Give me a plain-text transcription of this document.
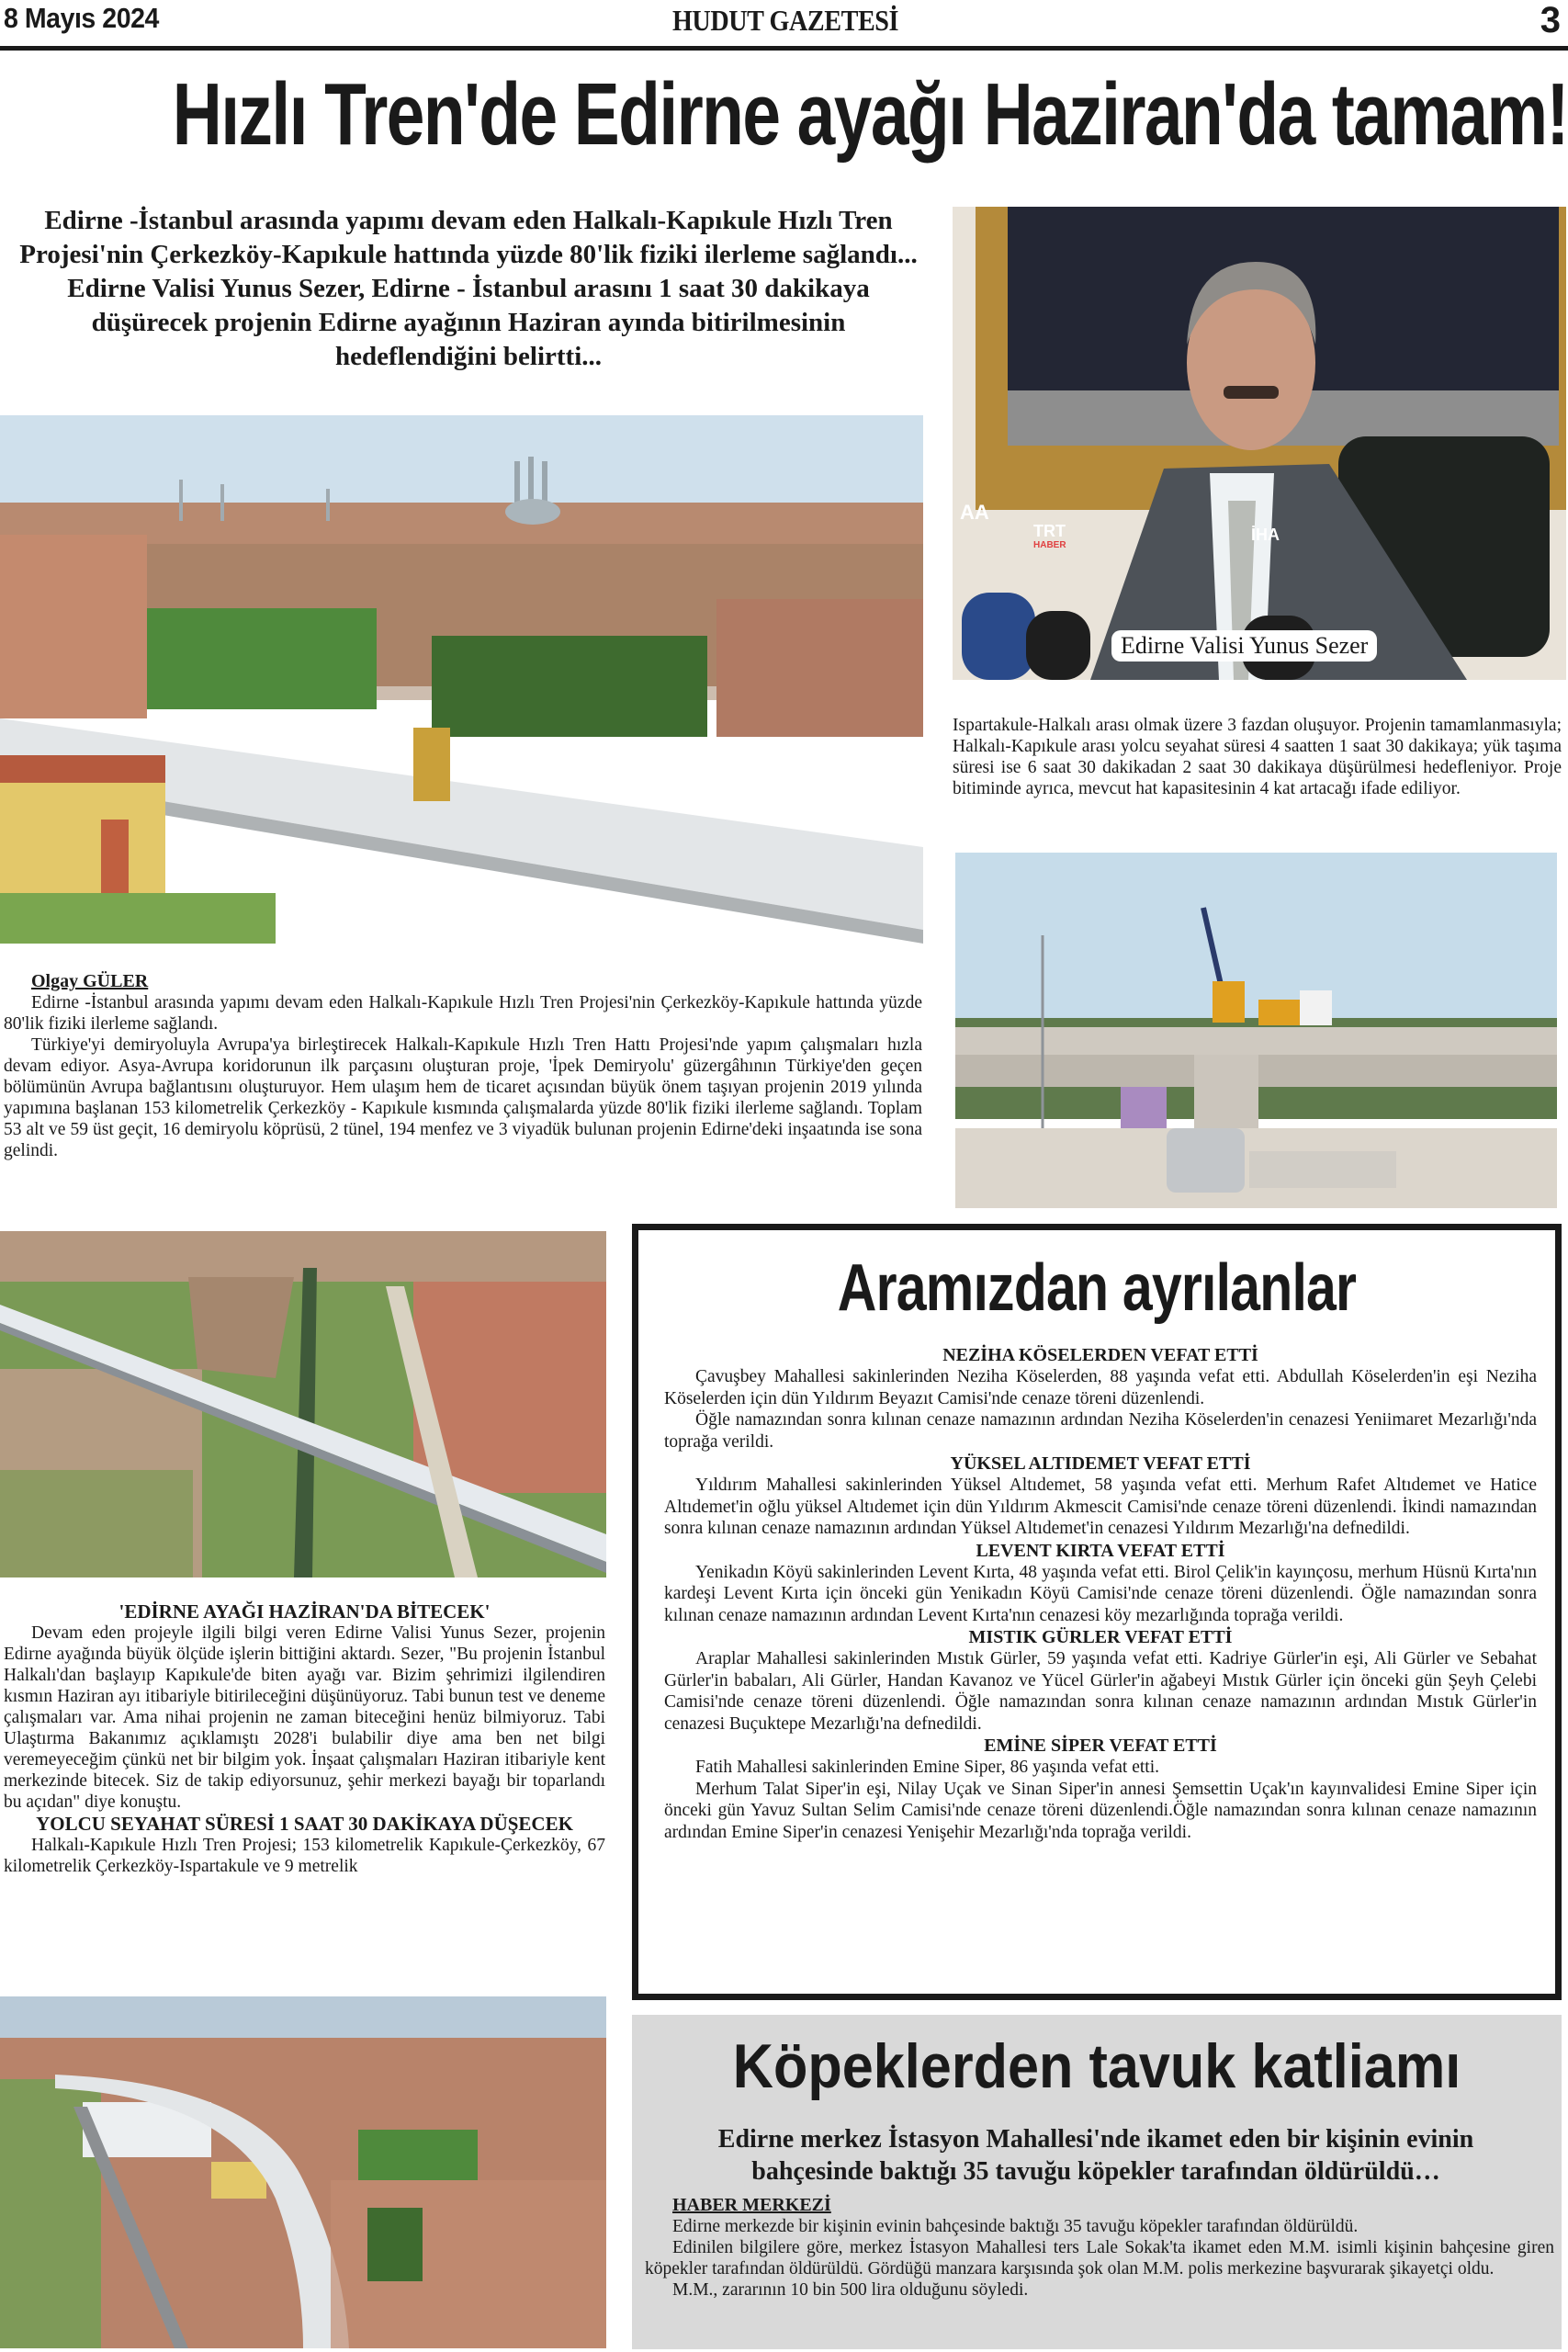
8 Mayıs 2024	HUDUT GAZETESİ	3
Hızlı Tren'de Edirne ayağı Haziran'da tamam!

Edirne -İstanbul arasında yapımı devam eden Halkalı-Kapıkule Hızlı Tren Projesi'nin Çerkezköy-Kapıkule hattında yüzde 80'lik fiziki ilerleme sağlandı...

Edirne Valisi Yunus Sezer, Edirne - İstanbul arasını 1 saat 30 dakikaya düşürecek projenin Edirne ayağının Haziran ayında bitirilmesinin hedeflendiğini belirtti...

AA
TRT
HABER
İHA
Edirne Valisi Yunus Sezer

Ispartakule-Halkalı arası olmak üzere 3 fazdan oluşuyor. Projenin tamamlanmasıyla; Halkalı-Kapıkule arası yolcu seyahat süresi 4 saatten 1 saat 30 dakikaya; yük taşıma süresi ise 6 saat 30 dakikadan 2 saat 30 dakikaya düşürülmesi hedefleniyor. Proje bitiminde ayrıca, mevcut hat kapasitesinin 4 kat artacağı ifade ediliyor.

Olgay GÜLER

Edirne -İstanbul arasında yapımı devam eden Halkalı-Kapıkule Hızlı Tren Projesi'nin Çerkezköy-Kapıkule hattında yüzde 80'lik fiziki ilerleme sağlandı.

Türkiye'yi demiryoluyla Avrupa'ya birleştirecek Halkalı-Kapıkule Hızlı Tren Hattı Projesi'nde yapım çalışmaları hızla devam ediyor. Asya-Avrupa koridorunun ilk parçasını oluşturan proje, 'İpek Demiryolu' güzergâhının Türkiye'den geçen bölümünün Avrupa bağlantısını oluşturuyor. Hem ulaşım hem de ticaret açısından büyük önem taşıyan projenin 2019 yılında yapımına başlanan 153 kilometrelik Çerkezköy - Kapıkule kısmında çalışmalarda yüzde 80'lik fiziki ilerleme sağlandı. Toplam 53 alt ve 59 üst geçit, 16 demiryolu köprüsü, 2 tünel, 194 menfez ve 3 viyadük bulunan projenin Edirne'deki inşaatında ise sona gelindi.

'EDİRNE AYAĞI HAZİRAN'DA BİTECEK'

Devam eden projeyle ilgili bilgi veren Edirne Valisi Yunus Sezer, projenin Edirne ayağında büyük ölçüde işlerin bittiğini aktardı. Sezer, "Bu projenin İstanbul Halkalı'dan başlayıp Kapıkule'de biten ayağı var. Bizim şehrimizi ilgilendiren kısmın Haziran ayı itibariyle bitirileceğini düşünüyoruz. Tabi bunun test ve deneme çalışmaları var. Ama nihai projenin ne zaman biteceğini henüz bilmiyoruz. Tabi Ulaştırma Bakanımız açıklamıştı 2028'i bulabilir diye ama ben net bilgi veremeyeceğim çünkü net bir bilgim yok. İnşaat çalışmaları Haziran itibariyle kent merkezinde bitecek. Siz de takip ediyorsunuz, şehir merkezi bayağı bir toparlandı bu açıdan" diye konuştu.

YOLCU SEYAHAT SÜRESİ 1 SAAT 30 DAKİKAYA DÜŞECEK

Halkalı-Kapıkule Hızlı Tren Projesi; 153 kilometrelik Kapıkule-Çerkezköy, 67 kilometrelik Çerkezköy-Ispartakule ve 9 metrelik

Aramızdan ayrılanlar
NEZİHA KÖSELERDEN VEFAT ETTİ

Çavuşbey Mahallesi sakinlerinden Neziha Köselerden, 88 yaşında vefat etti. Abdullah Köselerden'in eşi Neziha Köselerden için dün Yıldırım Beyazıt Camisi'nde cenaze töreni düzenlendi.

Öğle namazından sonra kılınan cenaze namazının ardından Neziha Köselerden'in cenazesi Yeniimaret Mezarlığı'nda toprağa verildi.

YÜKSEL ALTIDEMET VEFAT ETTİ

Yıldırım Mahallesi sakinlerinden Yüksel Altıdemet, 58 yaşında vefat etti. Merhum Rafet Altıdemet ve Hatice Altıdemet'in oğlu yüksel Altıdemet için dün Yıldırım Akmescit Camisi'nde cenaze töreni düzenlendi. İkindi namazından sonra kılınan cenaze namazının ardından Yüksel Altıdemet'in cenazesi Yıldırım Mezarlığı'na defnedildi.

LEVENT KIRTA VEFAT ETTİ

Yenikadın Köyü sakinlerinden Levent Kırta, 48 yaşında vefat etti. Birol Çelik'in kayınçosu, merhum Hüsnü Kırta'nın kardeşi Levent Kırta için önceki gün Yenikadın Köyü Camisi'nde cenaze töreni düzenlendi. Öğle namazından sonra kılınan cenaze namazının ardından Levent Kırta'nın cenazesi köy mezarlığında toprağa verildi.

MISTIK GÜRLER VEFAT ETTİ

Araplar Mahallesi sakinlerinden Mıstık Gürler, 59 yaşında vefat etti. Kadriye Gürler'in eşi, Ali Gürler ve Sebahat Gürler'in babaları, Ali Gürler, Handan Kavanoz ve Yücel Gürler'in ağabeyi Mıstık Gürler için önceki gün Şeyh Çelebi Camisi'nde cenaze töreni düzenlendi. Öğle namazından sonra kılınan cenaze namazının ardından Mıstık Gürler'in cenazesi Buçuktepe Mezarlığı'na defnedildi.

EMİNE SİPER VEFAT ETTİ

Fatih Mahallesi sakinlerinden Emine Siper, 86 yaşında vefat etti.

Merhum Talat Siper'in eşi, Nilay Uçak ve Sinan Siper'in annesi Şemsettin Uçak'ın kayınvalidesi Emine Siper için önceki gün Yavuz Sultan Selim Camisi'nde cenaze töreni düzenlendi.Öğle namazından sonra kılınan cenaze namazının ardından Emine Siper'in cenazesi Yenişehir Mezarlığı'nda toprağa verildi.

Köpeklerden tavuk katliamı
Edirne merkez İstasyon Mahallesi'nde ikamet eden bir kişinin evinin bahçesinde baktığı 35 tavuğu köpekler tarafından öldürüldü…
HABER MERKEZİ

Edirne merkezde bir kişinin evinin bahçesinde baktığı 35 tavuğu köpekler tarafından öldürüldü.

Edinilen bilgilere göre, merkez İstasyon Mahallesi ters Lale Sokak'ta ikamet eden M.M. isimli kişinin bahçesine giren köpekler tarafından öldürüldü. Gördüğü manzara karşısında şok olan M.M. polis merkezine başvurarak şikayetçi oldu.

M.M., zararının 10 bin 500 lira olduğunu söyledi.
